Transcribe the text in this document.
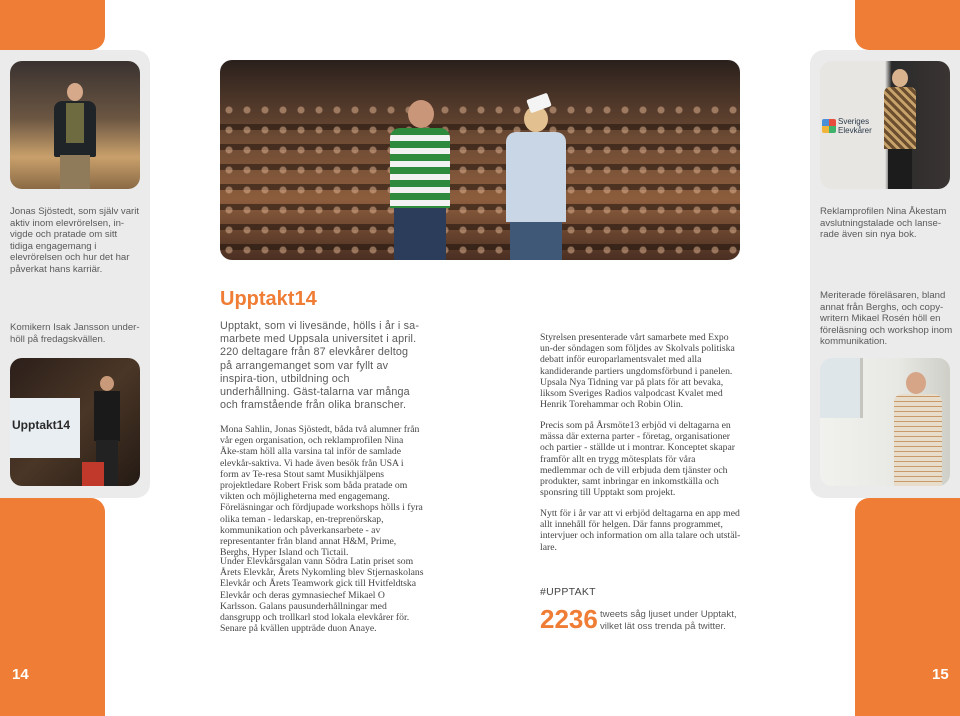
Jonas Sjöstedt, som själv varit aktiv inom elevrörelsen, in-vigde och pratade om sitt tidiga engagemang i elevrörelsen och hur det har påverkat hans karriär.
Komikern Isak Jansson under-höll på fredagskvällen.
Upptakt14
14
Upptakt14
Upptakt, som vi livesände, hölls i år i sa-marbete med Uppsala universitet i april. 220 deltagare från 87 elevkårer deltog på arrangemanget som var fyllt av inspira-tion, utbildning och underhållning. Gäst-talarna var många och framstående från olika branscher.
Mona Sahlin, Jonas Sjöstedt, båda två alumner från vår egen organisation, och reklamprofilen Nina Åke-stam höll alla varsina tal inför de samlade elevkår-saktiva. Vi hade även besök från USA i form av Te-resa Stout samt Musikhjälpens projektledare Robert Frisk som båda pratade om vikten och möjligheterna med engagemang. Föreläsningar och fördjupade workshops hölls i fyra olika teman - ledarskap, en-treprenörskap, kommunikation och påverkansarbete - av representanter från bland annat H&M, Prime, Berghs, Hyper Island och Tictail.
Under Elevkårsgalan vann Södra Latin priset som Årets Elevkår, Årets Nykomling blev Stjernaskolans Elevkår och Årets Teamwork gick till Hvitfeldtska Elevkår och deras gymnasiechef Mikael O Karlsson. Galans pausunderhållningar med dansgrupp och trollkarl stod lokala elevkårer för. Senare på kvällen uppträde duon Anaye.
Styrelsen presenterade vårt samarbete med Expo un-der söndagen som följdes av Skolvals politiska debatt inför europarlamentsvalet med alla kandiderande partiers ungdomsförbund i panelen. Upsala Nya Tidning var på plats för att bevaka, liksom Sveriges Radios valpodcast Kvalet med Henrik Torehammar och Robin Olin.
Precis som på Årsmöte13 erbjöd vi deltagarna en mässa där externa parter - företag, organisationer och partier - ställde ut i montrar. Konceptet skapar framför allt en trygg mötesplats för våra medlemmar och de vill erbjuda dem tjänster och produkter, samt inbringar en inkomstkälla och sponsring till Upptakt som projekt.
Nytt för i år var att vi erbjöd deltagarna en app med allt innehåll för helgen. Där fanns programmet, intervjuer och information om alla talare och utstäl-lare.
#UPPTAKT
2236 tweets såg ljuset under Upptakt, vilket lät oss trenda på twitter.
Sveriges Elevkårer
Reklamprofilen Nina Åkestam avslutningstalade och lanse-rade även sin nya bok.
Meriterade föreläsaren, bland annat från Berghs, och copy-writern Mikael Rosén höll en föreläsning och workshop inom kommunikation.
15
